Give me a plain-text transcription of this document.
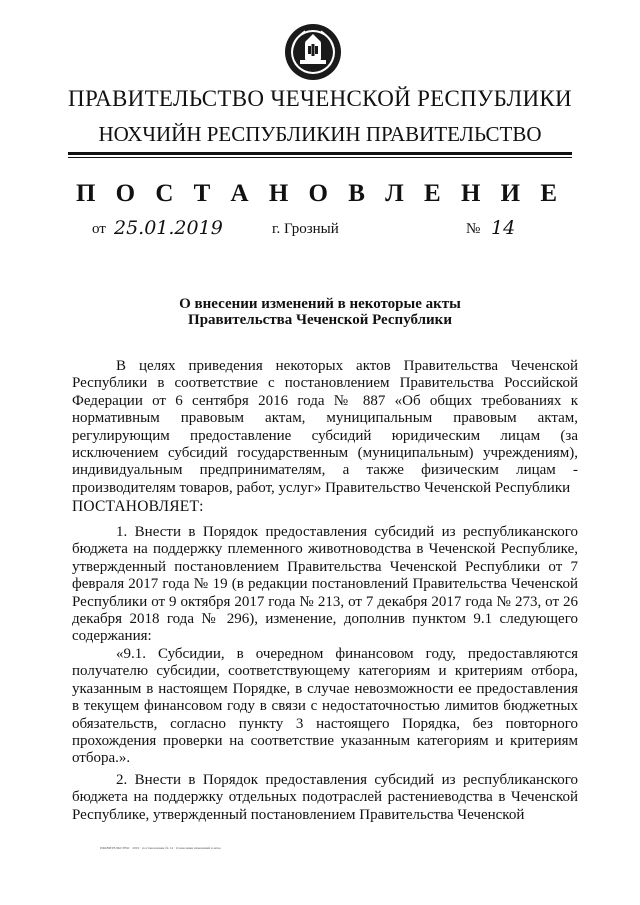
ПРАВИТЕЛЬСТВО ЧЕЧЕНСКОЙ РЕСПУБЛИКИ
НОХЧИЙН РЕСПУБЛИКИН ПРАВИТЕЛЬСТВО
П О С Т А Н О В Л Е Н И Е
от 25.01.2019	г. Грозный	№ 14
О внесении изменений в некоторые акты
Правительства Чеченской Республики

В целях приведения некоторых актов Правительства Чеченской Республики в соответствие с постановлением Правительства Российской Федерации от 6 сентября 2016 года № 887 «Об общих требованиях к нормативным правовым актам, муниципальным правовым актам, регулирующим предоставление субсидий юридическим лицам (за исключением субсидий государственным (муниципальным) учреждениям), индивидуальным предпринимателям, а также физическим лицам - производителям товаров, работ, услуг» Правительство Чеченской Республики

ПОСТАНОВЛЯЕТ:

1. Внести в Порядок предоставления субсидий из республиканского бюджета на поддержку племенного животноводства в Чеченской Республике, утвержденный постановлением Правительства Чеченской Республики от 7 февраля 2017 года № 19 (в редакции постановлений Правительства Чеченской Республики от 9 октября 2017 года № 213, от 7 декабря 2017 года № 273, от 26 декабря 2018 года № 296), изменение, дополнив пунктом 9.1 следующего содержания:

«9.1. Субсидии, в очередном финансовом году, предоставляются получателю субсидии, соответствующему категориям и критериям отбора, указанным в настоящем Порядке, в случае невозможности ее предоставления в текущем финансовом году в связи с недостаточностью лимитов бюджетных обязательств, согласно пункту 3 настоящего Порядка, без повторного прохождения проверки на соответствие указанным категориям и критериям отбора.».

2. Внести в Порядок предоставления субсидий из республиканского бюджета на поддержку отдельных подотраслей растениеводства в Чеченской Республике, утвержденный постановлением Правительства Чеченской

ПРАВИТЕЛЬСТВО · 2019 · постановление № 14 · О внесении изменений в акты
